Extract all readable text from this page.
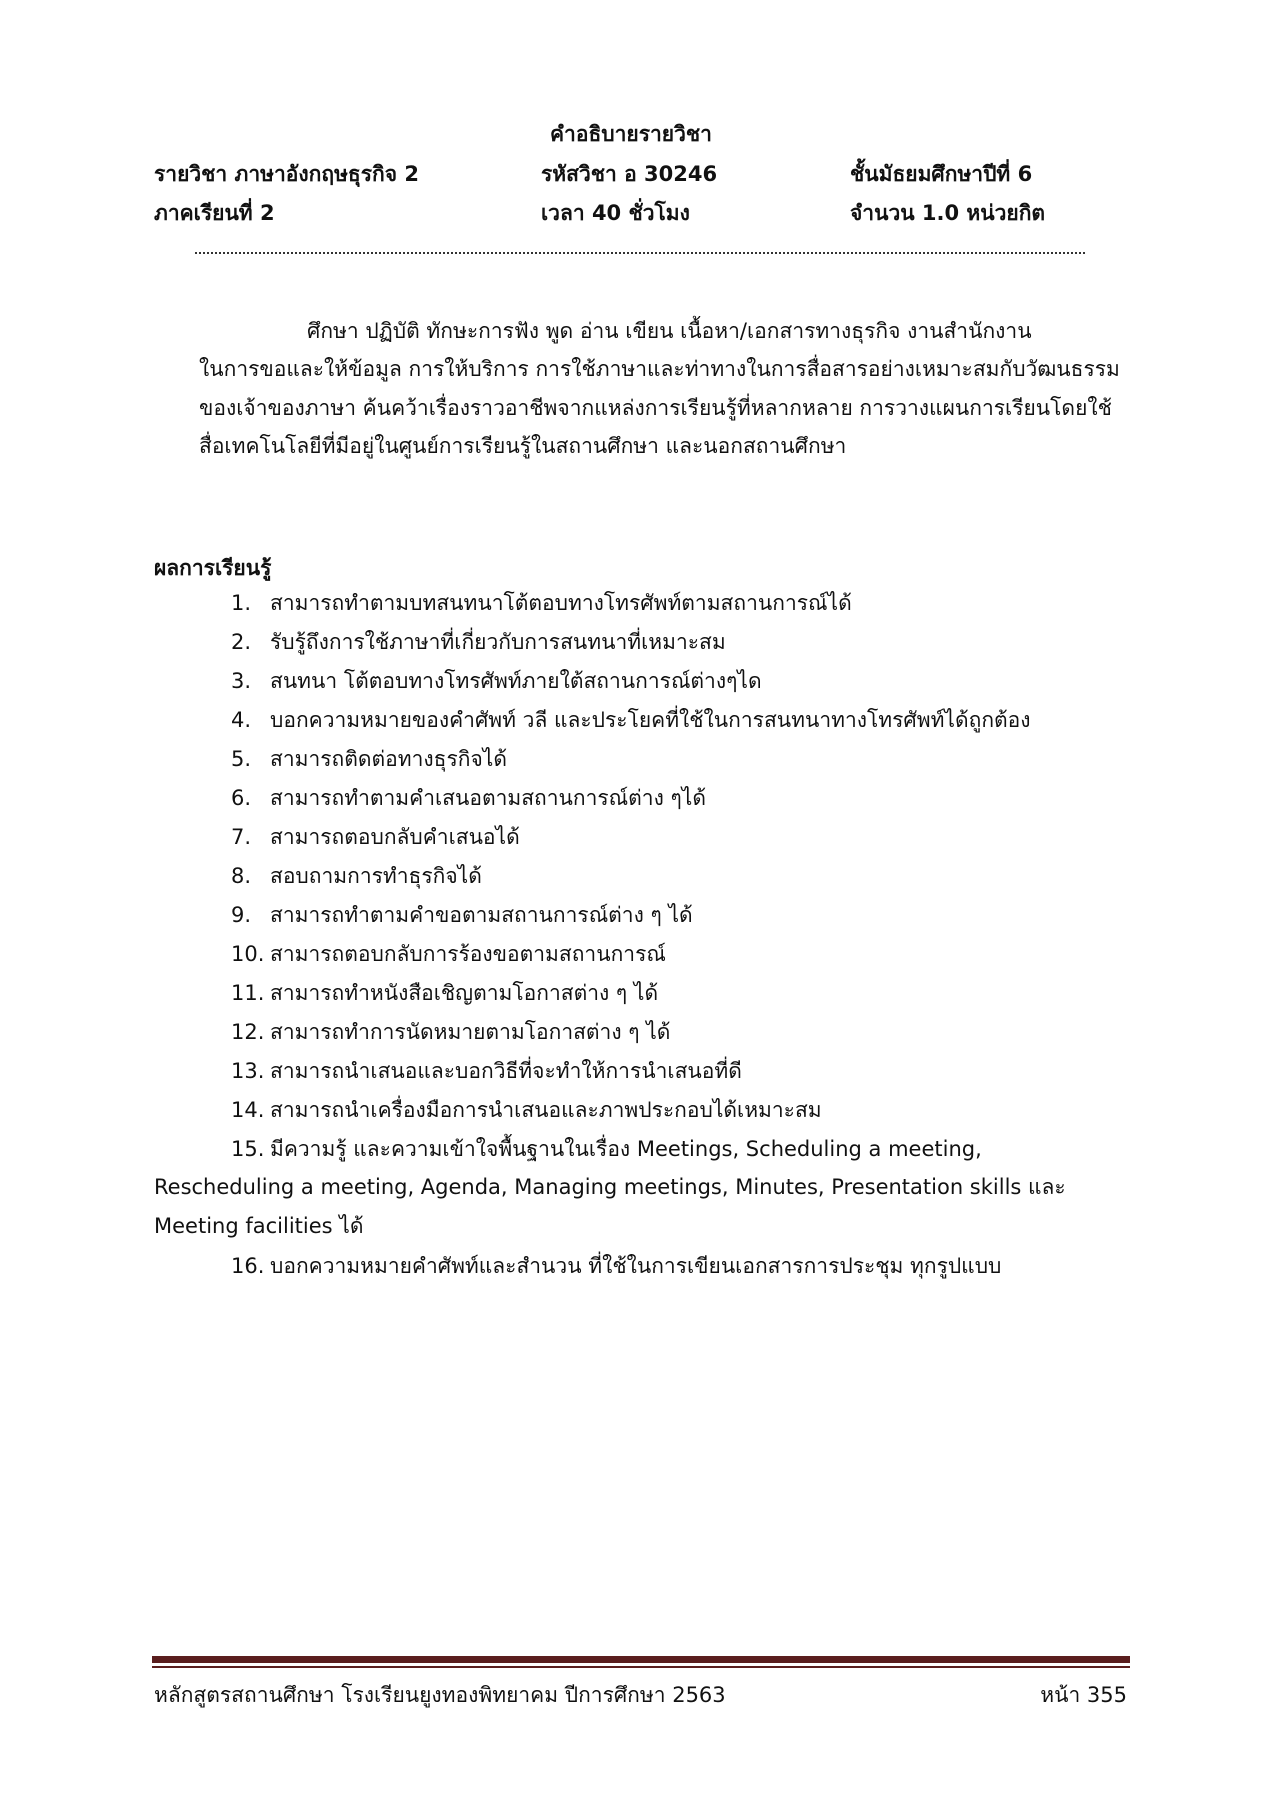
คำอธิบายรายวิชา
รายวิชา ภาษาอังกฤษธุรกิจ 2	รหัสวิชา อ 30246	ชั้นมัธยมศึกษาปีที่ 6
ภาคเรียนที่ 2	เวลา 40 ชั่วโมง	จำนวน 1.0 หน่วยกิต
ศึกษา ปฏิบัติ ทักษะการฟัง พูด อ่าน เขียน เนื้อหา/เอกสารทางธุรกิจ งานสำนักงาน
ในการขอและให้ข้อมูล การให้บริการ การใช้ภาษาและท่าทางในการสื่อสารอย่างเหมาะสมกับวัฒนธรรม
ของเจ้าของภาษา ค้นคว้าเรื่องราวอาชีพจากแหล่งการเรียนรู้ที่หลากหลาย การวางแผนการเรียนโดยใช้
สื่อเทคโนโลยีที่มีอยู่ในศูนย์การเรียนรู้ในสถานศึกษา และนอกสถานศึกษา
ผลการเรียนรู้
1. สามารถทำตามบทสนทนาโต้ตอบทางโทรศัพท์ตามสถานการณ์ได้
2. รับรู้ถึงการใช้ภาษาที่เกี่ยวกับการสนทนาที่เหมาะสม
3. สนทนา โต้ตอบทางโทรศัพท์ภายใต้สถานการณ์ต่างๆได
4. บอกความหมายของคำศัพท์ วลี และประโยคที่ใช้ในการสนทนาทางโทรศัพท์ได้ถูกต้อง
5. สามารถติดต่อทางธุรกิจได้
6. สามารถทำตามคำเสนอตามสถานการณ์ต่าง ๆได้
7. สามารถตอบกลับคำเสนอได้
8. สอบถามการทำธุรกิจได้
9. สามารถทำตามคำขอตามสถานการณ์ต่าง ๆ ได้
10. สามารถตอบกลับการร้องขอตามสถานการณ์
11. สามารถทำหนังสือเชิญตามโอกาสต่าง ๆ ได้
12. สามารถทำการนัดหมายตามโอกาสต่าง ๆ ได้
13. สามารถนำเสนอและบอกวิธีที่จะทำให้การนำเสนอที่ดี
14. สามารถนำเครื่องมือการนำเสนอและภาพประกอบได้เหมาะสม
15. มีความรู้ และความเข้าใจพื้นฐานในเรื่อง Meetings, Scheduling a meeting,
16. บอกความหมายคำศัพท์และสำนวน ที่ใช้ในการเขียนเอกสารการประชุม ทุกรูปแบบ
Rescheduling a meeting, Agenda, Managing meetings, Minutes, Presentation skills และ
Meeting facilities ได้
หลักสูตรสถานศึกษา โรงเรียนยูงทองพิทยาคม ปีการศึกษา 2563	หน้า 355
